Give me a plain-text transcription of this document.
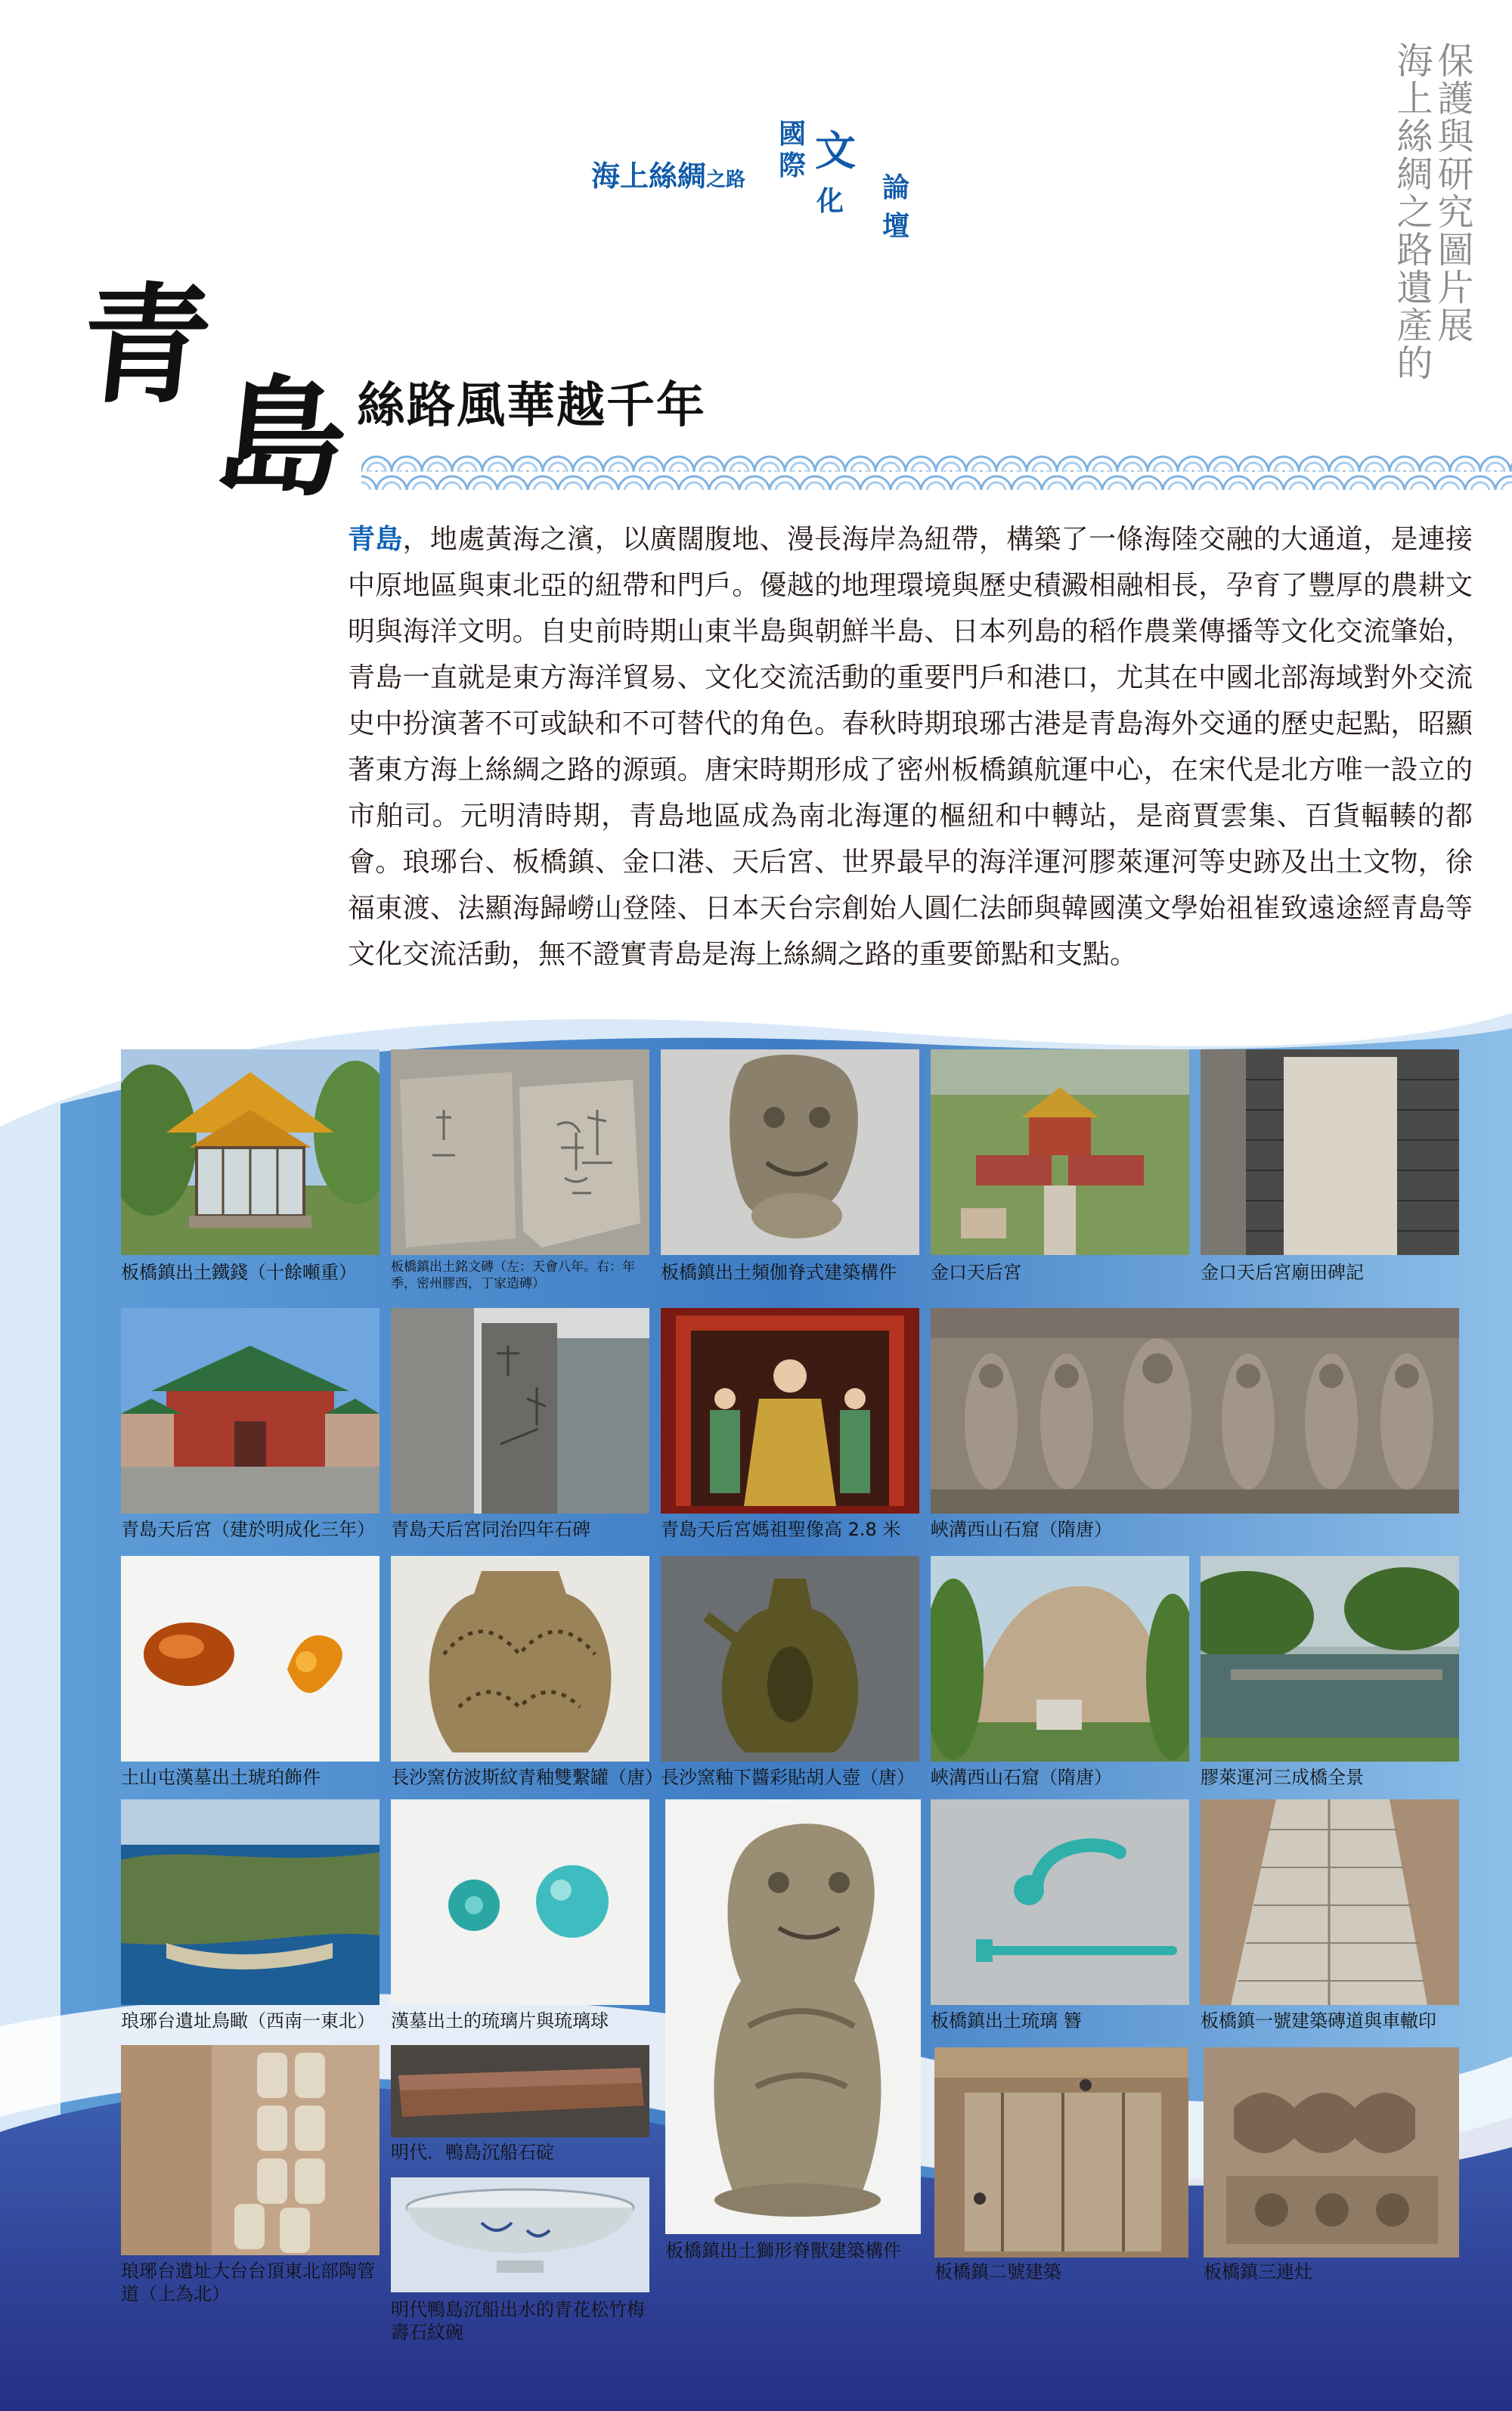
海上絲綢之路遺產的
保護與研究圖片展
海上絲綢之路
國
際 文
化 論壇
青
島 絲路風華越千年
青島，地處黃海之濱，以廣闊腹地、漫長海岸為紐帶，構築了一條海陸交融的大通道，是連接中原地區與東北亞的紐帶和門戶。優越的地理環境與歷史積澱相融相長，孕育了豐厚的農耕文明與海洋文明。自史前時期山東半島與朝鮮半島、日本列島的稻作農業傳播等文化交流肇始，青島一直就是東方海洋貿易、文化交流活動的重要門戶和港口，尤其在中國北部海域對外交流史中扮演著不可或缺和不可替代的角色。春秋時期琅琊古港是青島海外交通的歷史起點，昭顯著東方海上絲綢之路的源頭。唐宋時期形成了密州板橋鎮航運中心，在宋代是北方唯一設立的市舶司。元明清時期，青島地區成為南北海運的樞紐和中轉站，是商賈雲集、百貨輻輳的都會。琅琊台、板橋鎮、金口港、天后宮、世界最早的海洋運河膠萊運河等史跡及出土文物，徐福東渡、法顯海歸嶗山登陸、日本天台宗創始人圓仁法師與韓國漢文學始祖崔致遠途經青島等文化交流活動，無不證實青島是海上絲綢之路的重要節點和支點。
板橋鎮出土鐵錢（十餘噸重）	板橋鎮出土銘文磚（左：天會八年。右：年季，密州膠西，丁家造磚）
板橋鎮出土頻伽脊式建築構件 金口天后宮	金口天后宮廟田碑記
青島天后宮（建於明成化三年） 青島天后宮同治四年石碑	青島天后宮媽祖聖像高 2.8 米 峽溝西山石窟（隋唐）
土山屯漢墓出土琥珀飾件	長沙窯仿波斯紋青釉雙繫罐（唐）
長沙窯釉下醬彩貼胡人壺（唐） 峽溝西山石窟（隋唐）	膠萊運河三成橋全景
琅琊台遺址鳥瞰（西南一東北） 漢墓出土的琉璃片與琉璃球
板橋鎮出土獅形脊獸建築構件
板橋鎮出土琉璃 簪	板橋鎮一號建築磚道與車轍印
琅琊台遺址大台台頂東北部陶管道（上為北）
明代．鴨島沉船石碇
明代鴨島沉船出水的青花松竹梅壽石紋碗
板橋鎮二號建築	板橋鎮三連灶
